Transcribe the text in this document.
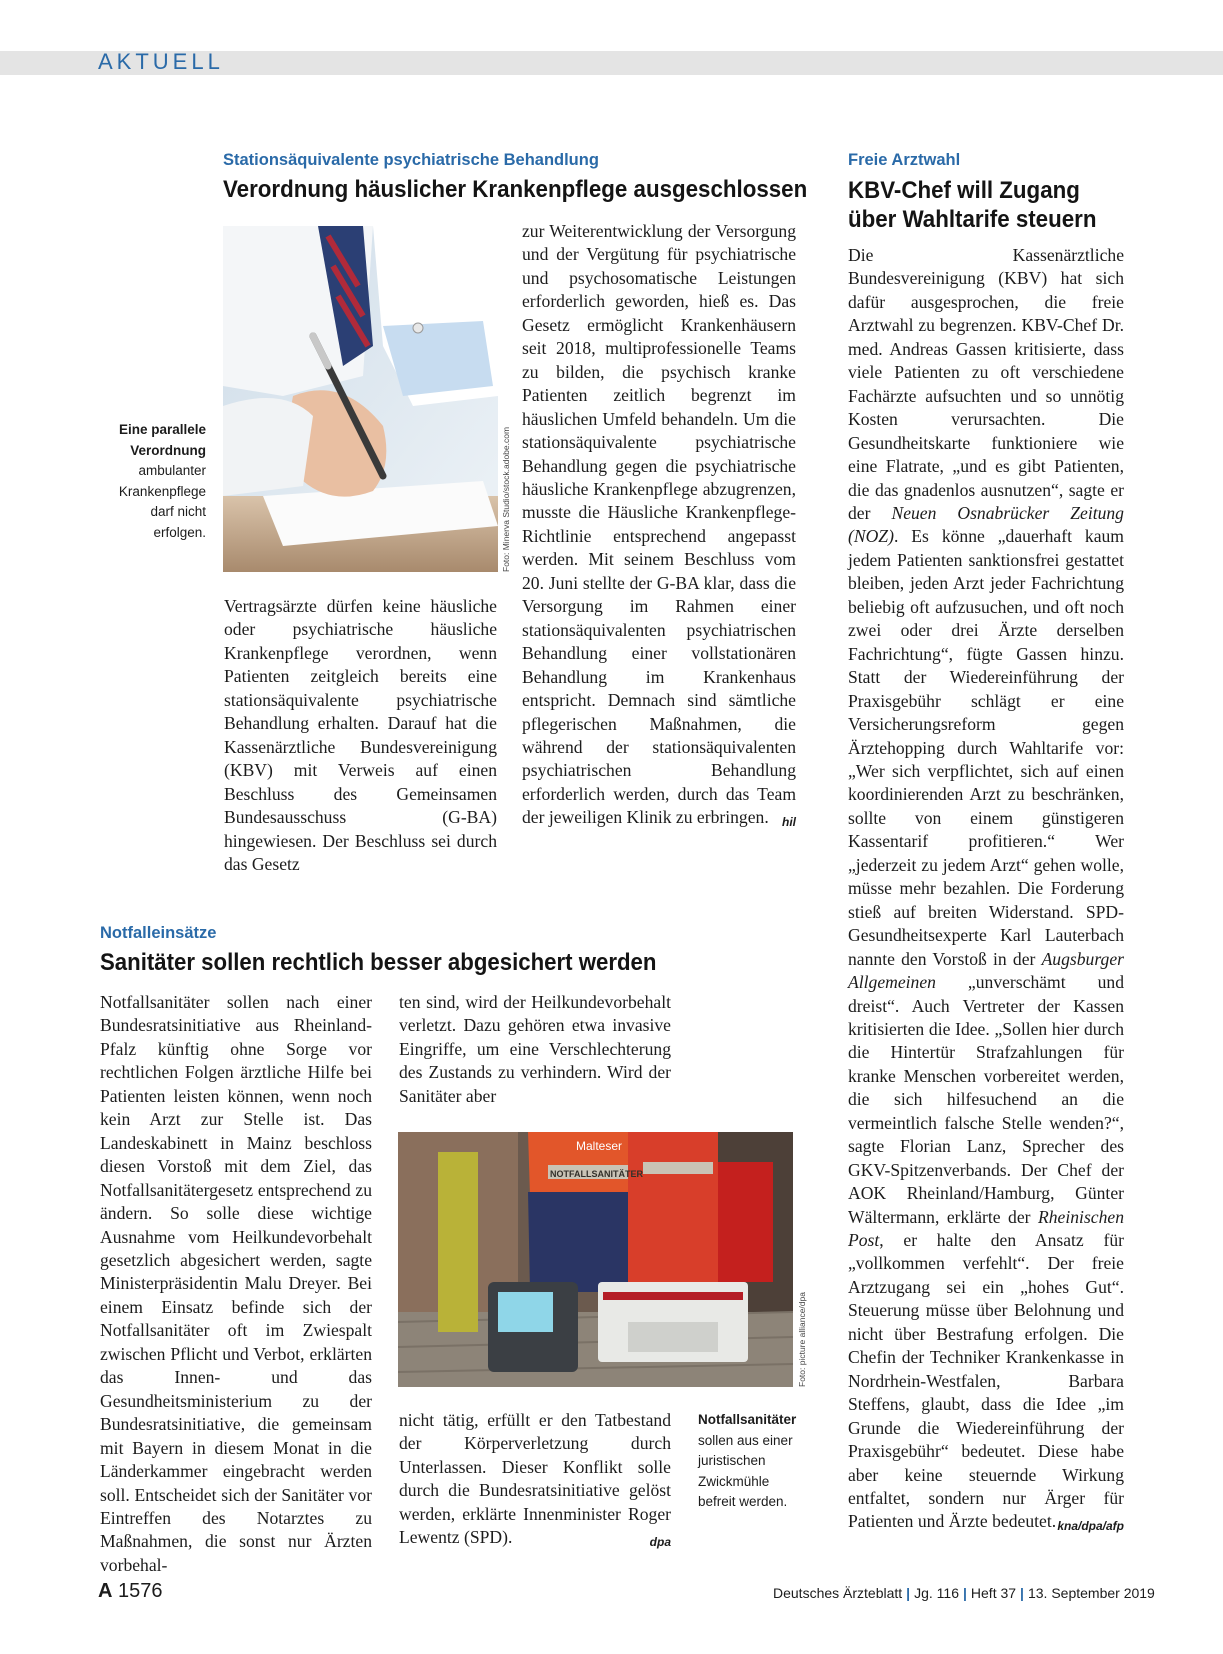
AKTUELL
Stationsäquivalente psychiatrische Behandlung
Verordnung häuslicher Krankenpflege ausgeschlossen
Foto: Minerva Studio/stock.adobe.com
Eine parallele Verordnung ambulanter Krankenpflege darf nicht erfolgen.

Vertragsärzte dürfen keine häusliche oder psychiatrische häusliche Krankenpflege verordnen, wenn Patienten zeitgleich bereits eine stationsäquivalente psychiatrische Behandlung erhalten. Darauf hat die Kassenärztliche Bundesvereinigung (KBV) mit Verweis auf einen Beschluss des Gemeinsamen Bundesausschuss (G-BA) hingewiesen. Der Beschluss sei durch das Gesetz

zur Weiterentwicklung der Versorgung und der Vergütung für psychiatrische und psychosomatische Leistungen erforderlich geworden, hieß es. Das Gesetz ermöglicht Krankenhäusern seit 2018, multiprofessionelle Teams zu bilden, die psychisch kranke Patienten zeitlich begrenzt im häuslichen Umfeld behandeln. Um die stationsäquivalente psychiatrische Behandlung gegen die psychiatrische häusliche Krankenpflege abzugrenzen, musste die Häusliche Krankenpflege-Richtlinie entsprechend angepasst werden. Mit seinem Beschluss vom 20. Juni stellte der G-BA klar, dass die Versorgung im Rahmen einer stationsäquivalenten psychiatrischen Behandlung einer vollstationären Behandlung im Krankenhaus entspricht. Demnach sind sämtliche pflegerischen Maßnahmen, die während der stationsäquivalenten psychiatrischen Behandlung erforderlich werden, durch das Team der jeweiligen Klinik zu erbringen. hil

Notfalleinsätze
Sanitäter sollen rechtlich besser abgesichert werden

Notfallsanitäter sollen nach einer Bundesratsinitiative aus Rheinland-Pfalz künftig ohne Sorge vor rechtlichen Folgen ärztliche Hilfe bei Patienten leisten können, wenn noch kein Arzt zur Stelle ist. Das Landeskabinett in Mainz beschloss diesen Vorstoß mit dem Ziel, das Notfallsanitätergesetz entsprechend zu ändern. So solle diese wichtige Ausnahme vom Heilkundevorbehalt gesetzlich abgesichert werden, sagte Ministerpräsidentin Malu Dreyer. Bei einem Einsatz befinde sich der Notfallsanitäter oft im Zwiespalt zwischen Pflicht und Verbot, erklärten das Innen- und das Gesundheitsministerium zu der Bundesratsinitiative, die gemeinsam mit Bayern in diesem Monat in die Länderkammer eingebracht werden soll. Entscheidet sich der Sanitäter vor Eintreffen des Notarztes zu Maßnahmen, die sonst nur Ärzten vorbehal-

ten sind, wird der Heilkundevorbehalt verletzt. Dazu gehören etwa invasive Eingriffe, um eine Verschlechterung des Zustands zu verhindern. Wird der Sanitäter aber

Malteser
NOTFALLSANITÄTER
Foto: picture alliance/dpa

nicht tätig, erfüllt er den Tatbestand der Körperverletzung durch Unterlassen. Dieser Konflikt solle durch die Bundesratsinitiative gelöst werden, erklärte Innenminister Roger Lewentz (SPD).	dpa

Notfallsanitäter sollen aus einer juristischen Zwickmühle befreit werden.
Freie Arztwahl
KBV-Chef will Zugang
über Wahltarife steuern

Die Kassenärztliche Bundesvereinigung (KBV) hat sich dafür ausgesprochen, die freie Arztwahl zu begrenzen. KBV-Chef Dr. med. Andreas Gassen kritisierte, dass viele Patienten zu oft verschiedene Fachärzte aufsuchten und so unnötig Kosten verursachten. Die Gesundheitskarte funktioniere wie eine Flatrate, „und es gibt Patienten, die das gnadenlos ausnutzen“, sagte er der Neuen Osnabrücker Zeitung (NOZ). Es könne „dauerhaft kaum jedem Patienten sanktionsfrei gestattet bleiben, jeden Arzt jeder Fachrichtung beliebig oft aufzusuchen, und oft noch zwei oder drei Ärzte derselben Fachrichtung“, fügte Gassen hinzu. Statt der Wiedereinführung der Praxisgebühr schlägt er eine Versicherungsreform gegen Ärztehopping durch Wahltarife vor: „Wer sich verpflichtet, sich auf einen koordinierenden Arzt zu beschränken, sollte von einem günstigeren Kassentarif profitieren.“ Wer „jederzeit zu jedem Arzt“ gehen wolle, müsse mehr bezahlen. Die Forderung stieß auf breiten Widerstand. SPD-Gesundheitsexperte Karl Lauterbach nannte den Vorstoß in der Augsburger Allgemeinen „unverschämt und dreist“. Auch Vertreter der Kassen kritisierten die Idee. „Sollen hier durch die Hintertür Strafzahlungen für kranke Menschen vorbereitet werden, die sich hilfesuchend an die vermeintlich falsche Stelle wenden?“, sagte Florian Lanz, Sprecher des GKV-Spitzenverbands. Der Chef der AOK Rheinland/Hamburg, Günter Wältermann, erklärte der Rheinischen Post, er halte den Ansatz für „vollkommen verfehlt“. Der freie Arztzugang sei ein „hohes Gut“. Steuerung müsse über Belohnung und nicht über Bestrafung erfolgen. Die Chefin der Techniker Krankenkasse in Nordrhein-Westfalen, Barbara Steffens, glaubt, dass die Idee „im Grunde die Wiedereinführung der Praxisgebühr“ bedeutet. Diese habe aber keine steuernde Wirkung entfaltet, sondern nur Ärger für Patienten und Ärzte bedeutet. kna/dpa/afp

A 1576	Deutsches Ärzteblatt | Jg. 116 | Heft 37 | 13. September 2019
